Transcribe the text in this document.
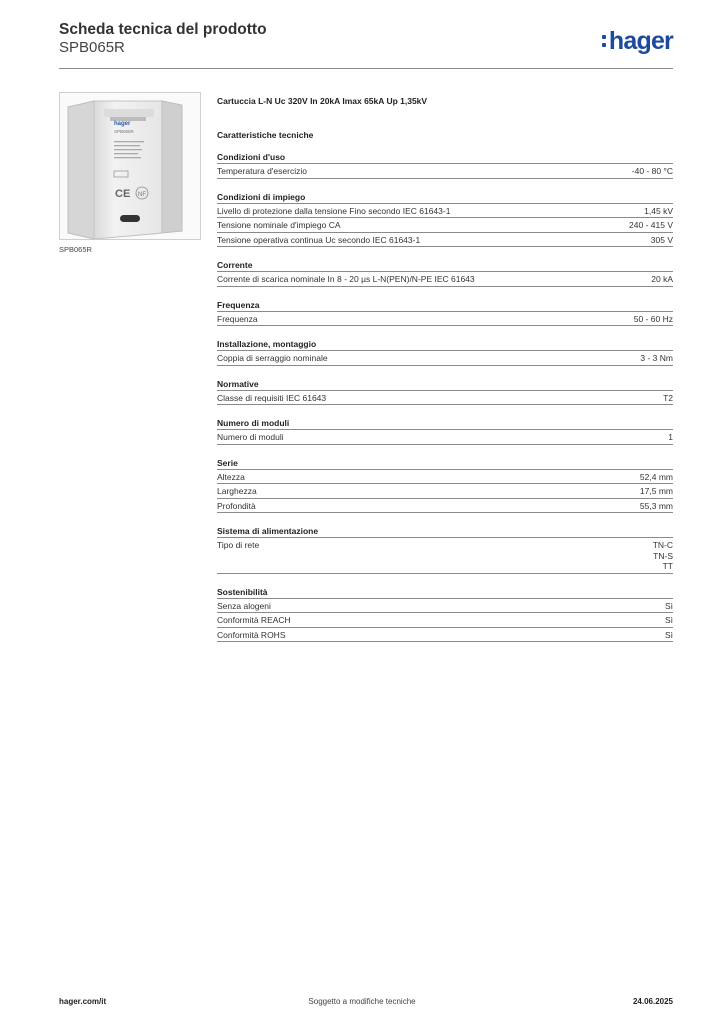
Scheda tecnica del prodotto
SPB065R	hager
hager
SPB065R
CE NF
SPB065R
Cartuccia L-N Uc 320V In 20kA Imax 65kA Up 1,35kV
Caratteristiche tecniche
Condizioni d'uso
Temperatura d'esercizio	-40 - 80 °C
Condizioni di impiego
Livello di protezione dalla tensione Fino secondo IEC 61643-1	1,45 kV
Tensione nominale d'impiego CA	240 - 415 V
Tensione operativa continua Uc secondo IEC 61643-1	305 V
Corrente
Corrente di scarica nominale In 8 - 20 µs L-N(PEN)/N-PE IEC 61643	20 kA
Frequenza
Frequenza	50 - 60 Hz
Installazione, montaggio
Coppia di serraggio nominale	3 - 3 Nm
Normative
Classe di requisiti IEC 61643	T2
Numero di moduli
Numero di moduli	1
Serie
Altezza	52,4 mm
Larghezza	17,5 mm
Profondità	55,3 mm
Sistema di alimentazione
Tipo di rete	TN-C
TN-S
TT
Sostenibilità
Senza alogeni	Sì
Conformità REACH	Sì
Conformità ROHS	Sì
hager.com/it	Soggetto a modifiche tecniche	24.06.2025
